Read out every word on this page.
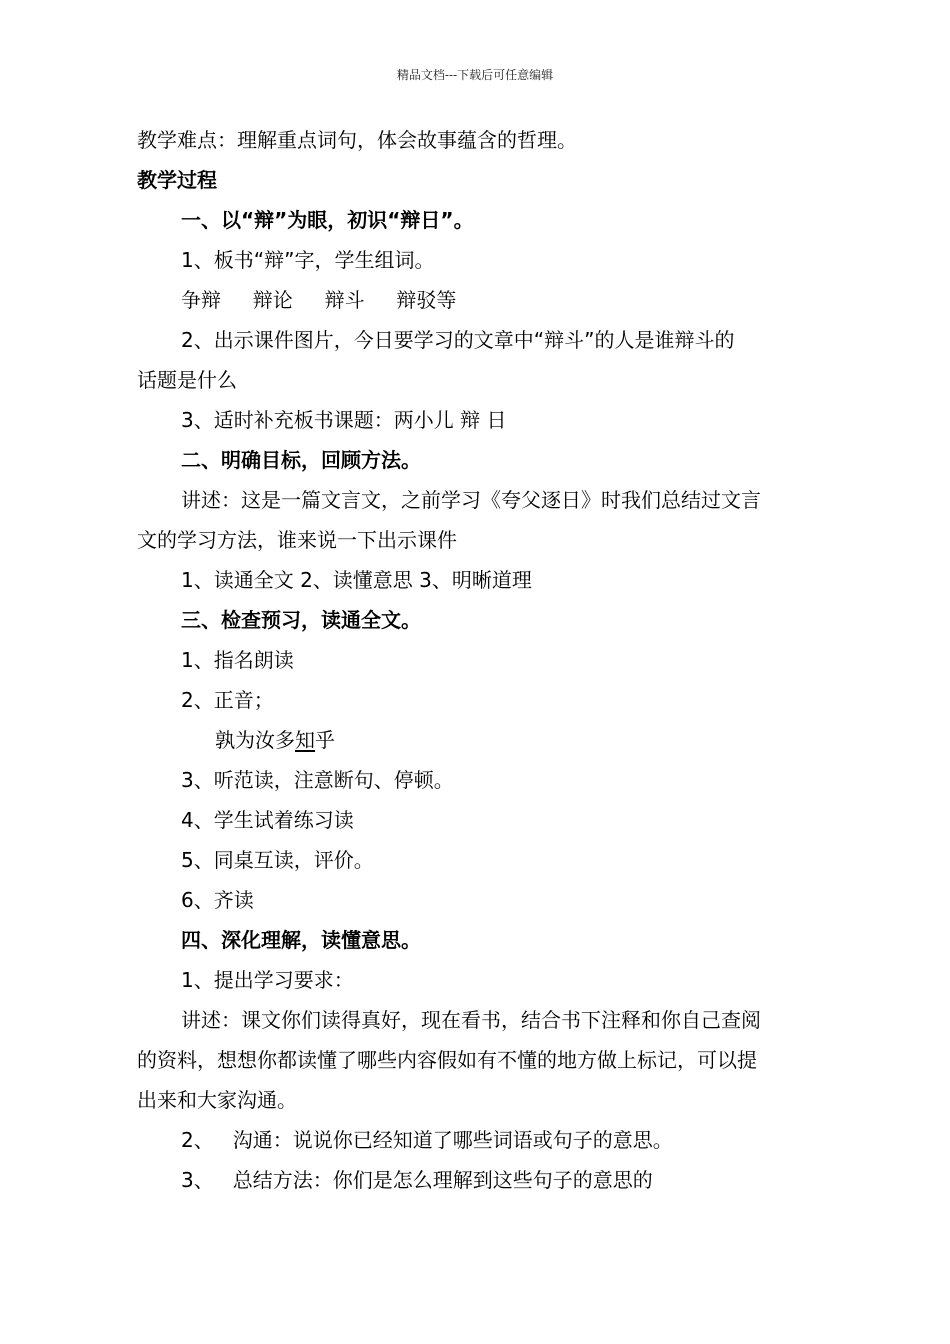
精品文档---下载后可任意编辑
教学难点：理解重点词句，体会故事蕴含的哲理。
教学过程
一、以“辩”为眼，初识“辩日”。
1、板书“辩”字，学生组词。
争辩     辩论     辩斗     辩驳等
2、出示课件图片，今日要学习的文章中“辩斗”的人是谁辩斗的
话题是什么
3、适时补充板书课题：两小儿 辩 日
二、明确目标，回顾方法。
讲述：这是一篇文言文，之前学习《夸父逐日》时我们总结过文言
文的学习方法，谁来说一下出示课件
1、读通全文 2、读懂意思 3、明晰道理
三、检查预习，读通全文。
1、指名朗读
2、正音；
孰为汝多知乎
3、听范读，注意断句、停顿。
4、学生试着练习读
5、同桌互读，评价。
6、齐读
四、深化理解，读懂意思。
1、提出学习要求：
讲述：课文你们读得真好，现在看书，结合书下注释和你自己查阅
的资料，想想你都读懂了哪些内容假如有不懂的地方做上标记，可以提
出来和大家沟通。
2、   沟通：说说你已经知道了哪些词语或句子的意思。
3、   总结方法：你们是怎么理解到这些句子的意思的
